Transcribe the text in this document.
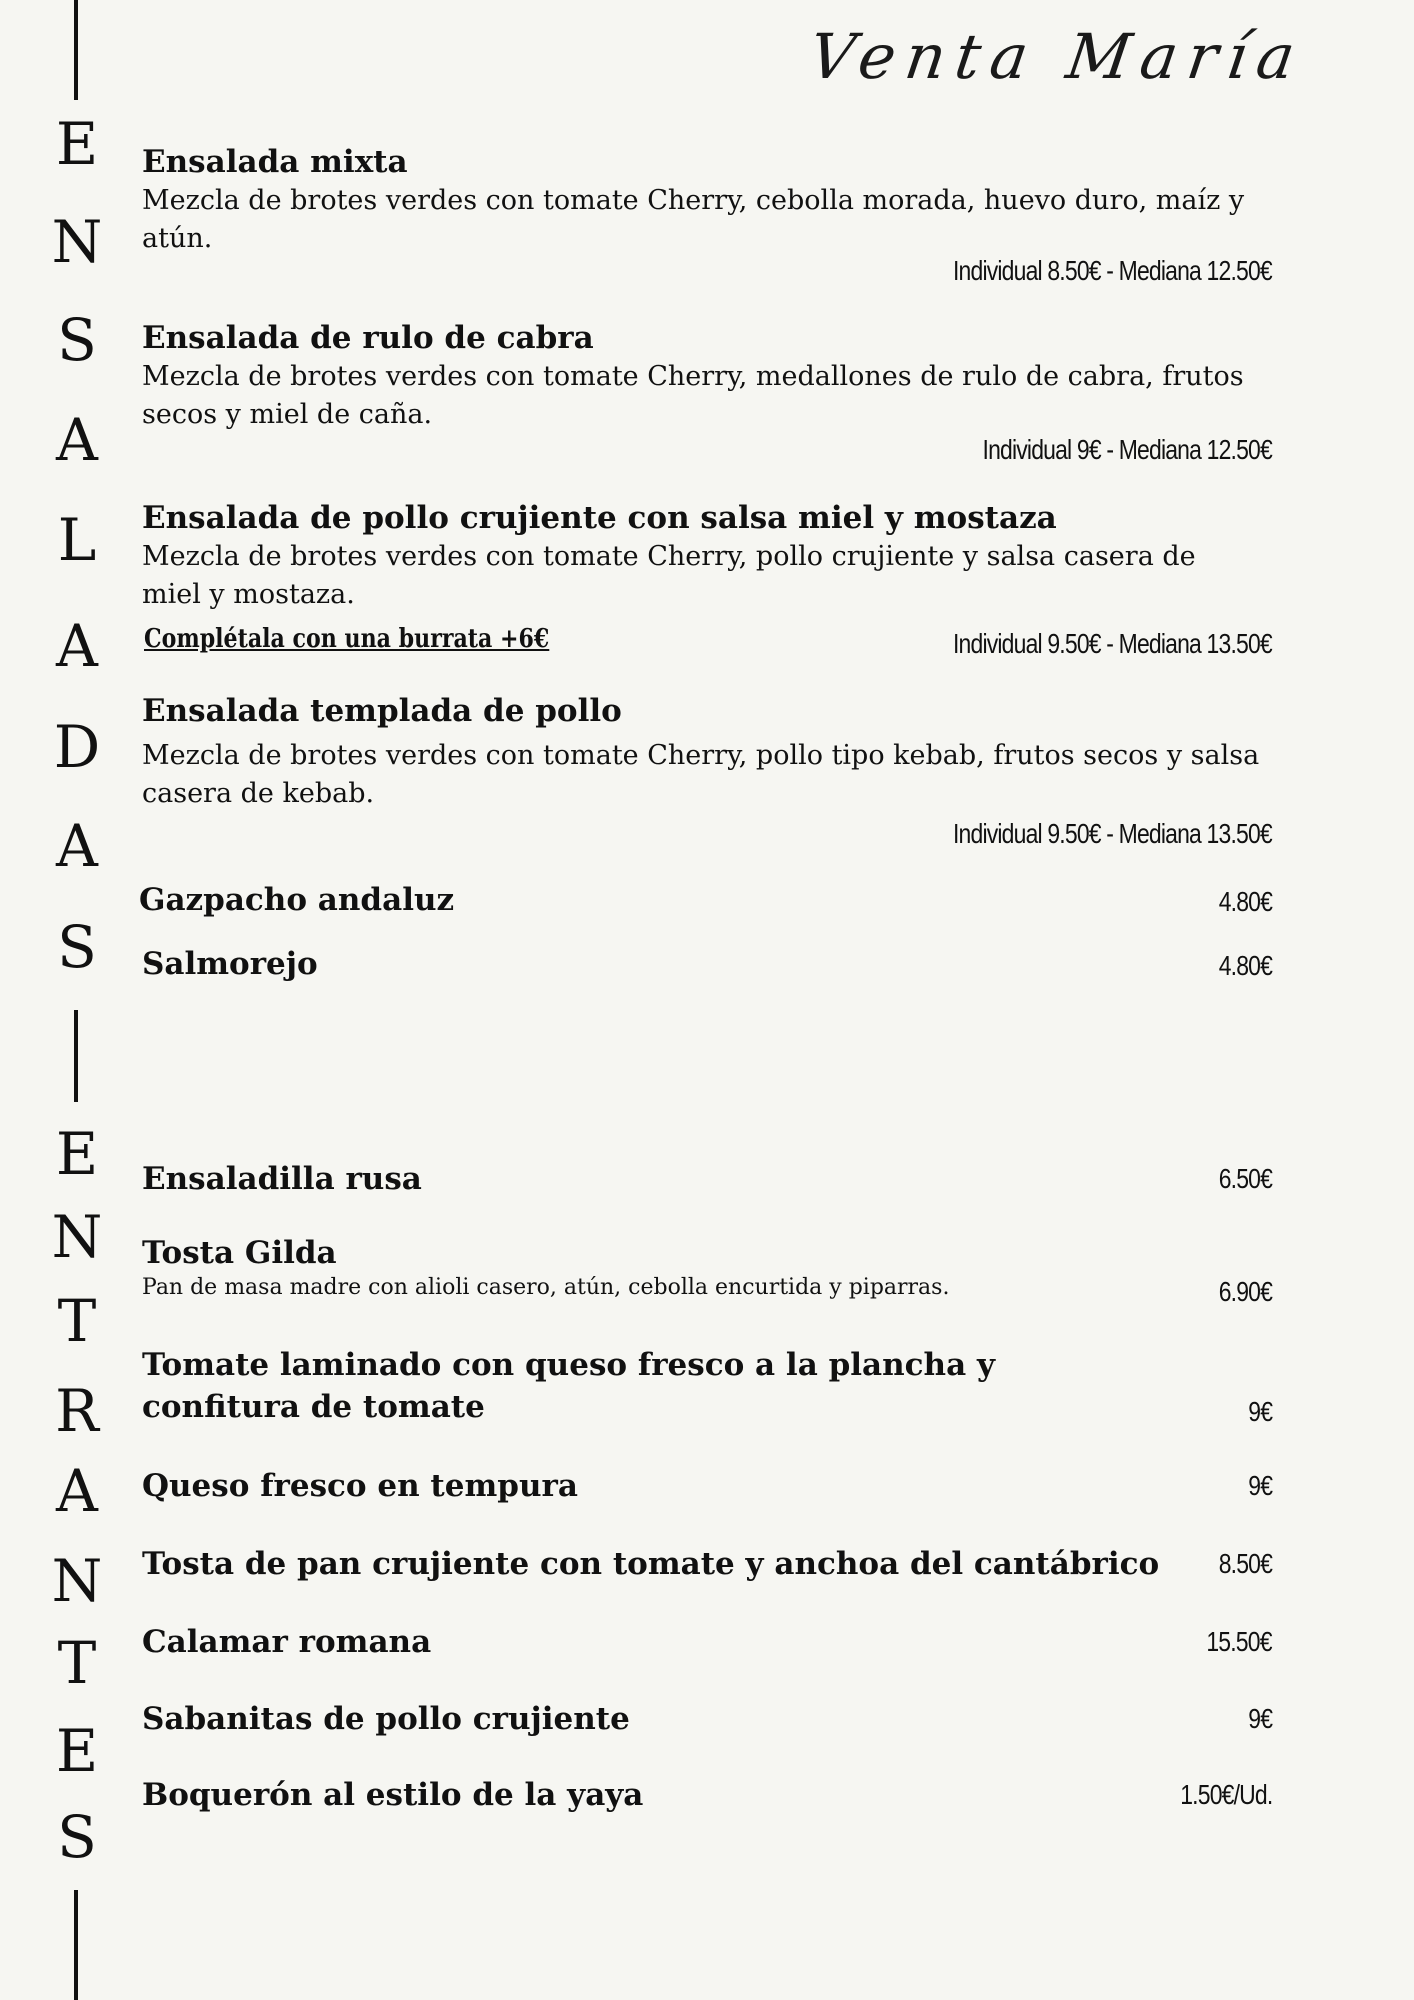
Venta María
E
N
S
A
L
A
D
A
S
E
N
T
R
A
N
T
E
S
Ensalada mixta
Mezcla de brotes verdes con tomate Cherry, cebolla morada, huevo duro, maíz y atún.
Individual 8.50€ - Mediana 12.50€
Ensalada de rulo de cabra
Mezcla de brotes verdes con tomate Cherry, medallones de rulo de cabra, frutos secos y miel de caña.
Individual 9€ - Mediana 12.50€
Ensalada de pollo crujiente con salsa miel y mostaza
Mezcla de brotes verdes con tomate Cherry, pollo crujiente y salsa casera de miel y mostaza.
Complétala con una burrata +6€	Individual 9.50€ - Mediana 13.50€
Ensalada templada de pollo
Mezcla de brotes verdes con tomate Cherry, pollo tipo kebab, frutos secos y salsa casera de kebab.
Individual 9.50€ - Mediana 13.50€
Gazpacho andaluz	4.80€
Salmorejo	4.80€
Ensaladilla rusa	6.50€
Tosta Gilda
Pan de masa madre con alioli casero, atún, cebolla encurtida y piparras.	6.90€
Tomate laminado con queso fresco a la plancha y confitura de tomate	9€
Queso fresco en tempura	9€
Tosta de pan crujiente con tomate y anchoa del cantábrico	8.50€
Calamar romana	15.50€
Sabanitas de pollo crujiente	9€
Boquerón al estilo de la yaya	1.50€/Ud.
